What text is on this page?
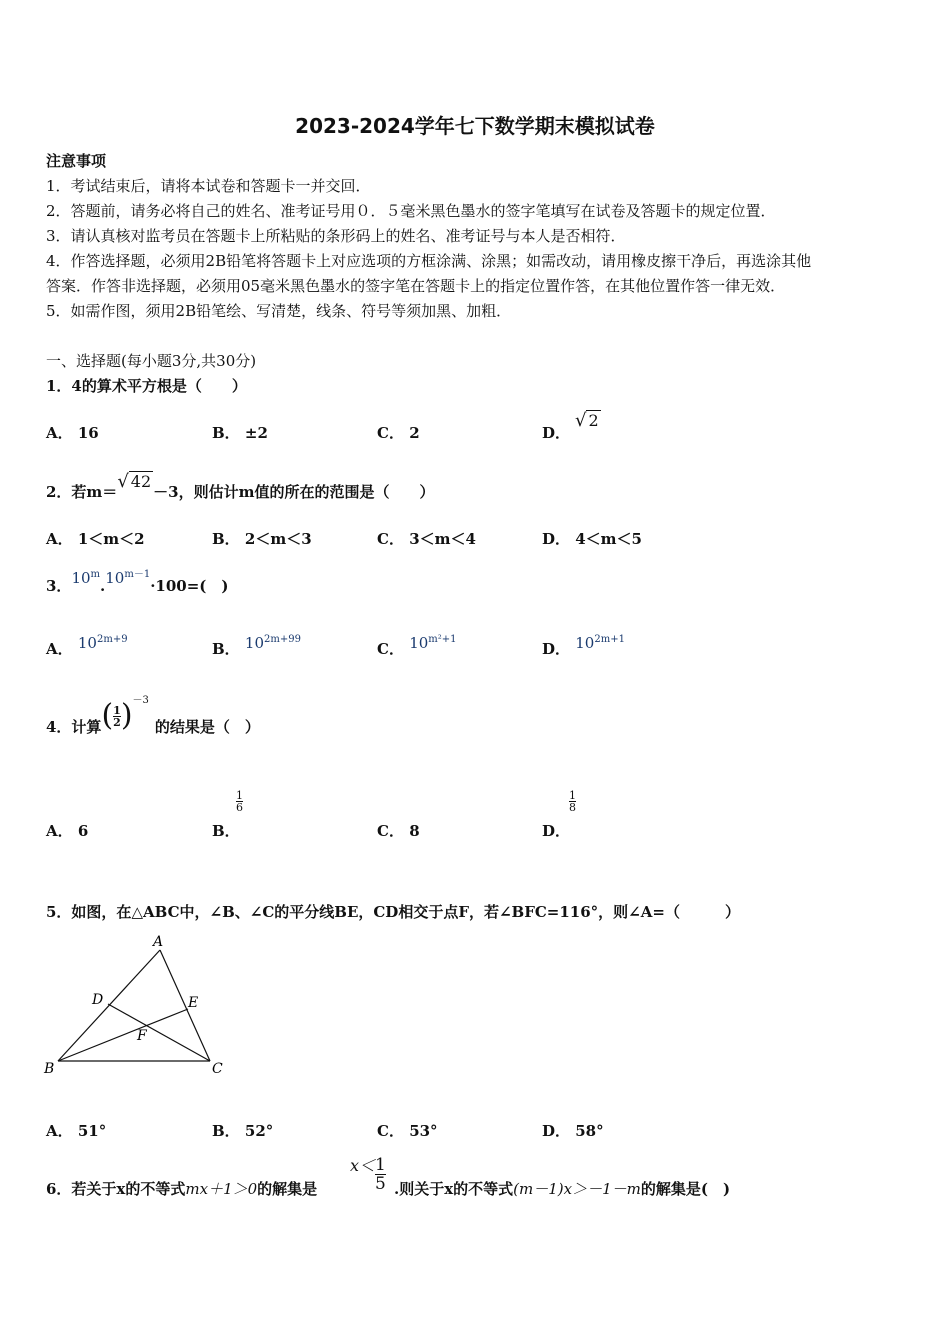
2023-2024学年七下数学期末模拟试卷
注意事项
1．考试结束后，请将本试卷和答题卡一并交回．
2．答题前，请务必将自己的姓名、准考证号用０．５毫米黑色墨水的签字笔填写在试卷及答题卡的规定位置．
3．请认真核对监考员在答题卡上所粘贴的条形码上的姓名、准考证号与本人是否相符．
4．作答选择题，必须用2B铅笔将答题卡上对应选项的方框涂满、涂黑；如需改动，请用橡皮擦干净后，再选涂其他
答案．作答非选择题，必须用05毫米黑色墨水的签字笔在答题卡上的指定位置作答，在其他位置作答一律无效．
5．如需作图，须用2B铅笔绘、写清楚，线条、符号等须加黑、加粗．
一、选择题(每小题3分,共30分)
1．4的算术平方根是（　　）
A． 16	B． ±2	C． 2	D．
√ 2
2．若m＝√ 42－3，则估计m值的所在的范围是（　　）
A． 1＜m＜2	B． 2＜m＜3	C． 3＜m＜4	D． 4＜m＜5
3．$10^m.10^{m-1}\cdot 100=$(　)
A． $10^{2m+9}$
B． $10^{2m+99}$
C． $10^{m^2+1}$
D． $10^{2m+1}$
4．计算( $\frac{1}{2} )^{-3}$的结果是（　）
A． 6	B．
$\frac{1}{6}$
C． 8	D．
$\frac{1}{8}$
5．如图，在△ABC中，∠B、∠C的平分线BE，CD相交于点F，若∠BFC=116°，则∠A=（　　　）
A
D	E
F
B	C
A． 51°	B． 52°	C． 53°	D． 58°
6．若关于x的不等式mx＋1＞0的解集是
$x< \frac{1}{5}$ .则关于x的不等式(m－1)x＞－1－m的解集是(　)
